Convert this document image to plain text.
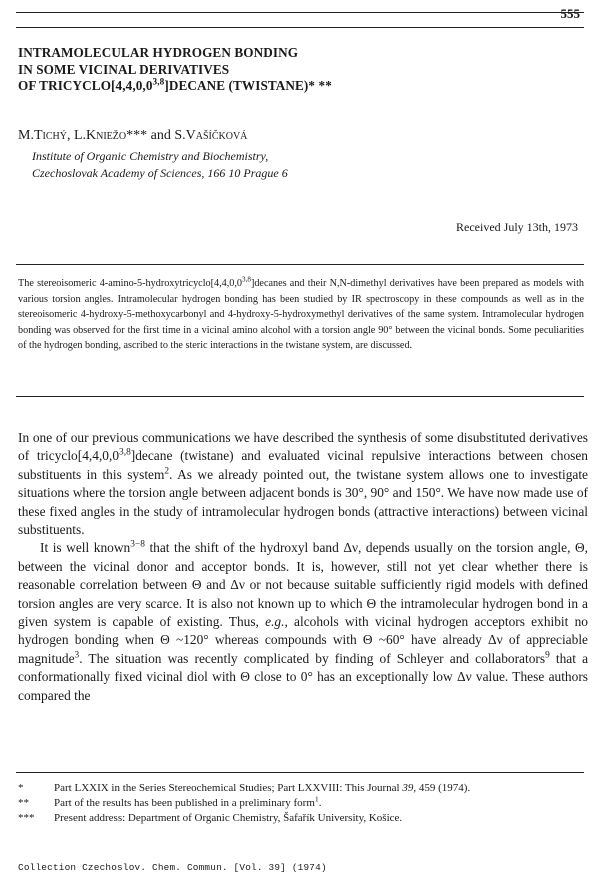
555
INTRAMOLECULAR HYDROGEN BONDING
IN SOME VICINAL DERIVATIVES
OF TRICYCLO[4,4,0,0$^{3,8}$]DECANE (TWISTANE)* **
M.Tichý, L.Kniežo*** and S.Vašíčková
Institute of Organic Chemistry and Biochemistry,
Czechoslovak Academy of Sciences, 166 10 Prague 6
Received July 13th, 1973
The stereoisomeric 4-amino-5-hydroxytricyclo[4,4,0,0$^{3,8}$]decanes and their N,N-dimethyl derivatives have been prepared as models with various torsion angles. Intramolecular hydrogen bonding has been studied by IR spectroscopy in these compounds as well as in the stereoisomeric 4-hydroxy-5-methoxycarbonyl and 4-hydroxy-5-hydroxymethyl derivatives of the same system. Intramolecular hydrogen bonding was observed for the first time in a vicinal amino alcohol with a torsion angle 90° between the vicinal bonds. Some peculiarities of the hydrogen bonding, ascribed to the steric interactions in the twistane system, are discussed.

In one of our previous communications we have described the synthesis of some disubstituted derivatives of tricyclo[4,4,0,0$^{3,8}$]decane (twistane) and evaluated vicinal repulsive interactions between chosen substituents in this system$^2$. As we already pointed out, the twistane system allows one to investigate situations where the torsion angle between adjacent bonds is 30°, 90° and 150°. We have now made use of these fixed angles in the study of intramolecular hydrogen bonds (attractive interactions) between vicinal substituents.

It is well known$^{3-8}$ that the shift of the hydroxyl band Δν, depends usually on the torsion angle, Θ, between the vicinal donor and acceptor bonds. It is, however, still not yet clear whether there is reasonable correlation between Θ and Δν or not because suitable sufficiently rigid models with defined torsion angles are very scarce. It is also not known up to which Θ the intramolecular hydrogen bond in a given system is capable of existing. Thus, e.g., alcohols with vicinal hydrogen acceptors exhibit no hydrogen bonding when Θ ~120° whereas compounds with Θ ~60° have already Δν of appreciable magnitude$^3$. The situation was recently complicated by finding of Schleyer and collaborators$^9$ that a conformationally fixed vicinal diol with Θ close to 0° has an exceptionally low Δν value. These authors compared the

*	Part LXXIX in the Series Stereochemical Studies; Part LXXVIII: This Journal 39, 459 (1974).
**	Part of the results has been published in a preliminary form$^1$.
***	Present address: Department of Organic Chemistry, Šafařík University, Košice.
Collection Czechoslov. Chem. Commun. [Vol. 39] (1974)
